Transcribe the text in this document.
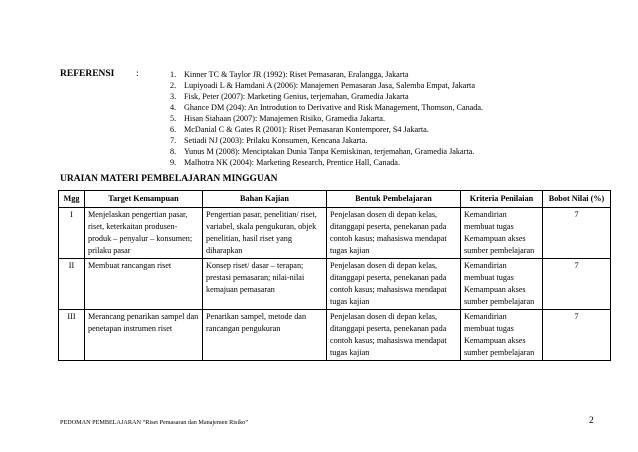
REFERENSI :	1. Kinner TC & Taylor JR (1992): Riset Pemasaran, Eralangga, Jakarta
2. Lupiyoadi L & Hamdani A (2006): Manajemen Pemasaran Jasa, Salemba Empat, Jakarta
3. Fisk, Peter (2007): Marketing Genius, terjemahan, Gramedia Jakarta
4. Ghance DM (204): An Introdution to Derivative and Risk Management, Thomson, Canada.
5. Hisan Siahaan (2007): Manajemen Risiko, Gramedia Jakarta.
6. McDanial C & Gates R (2001): Riset Pemasaran Kontemporer, S4 Jakarta.
7. Setiadi NJ (2003): Prilaku Konsumen, Kencana Jakarta.
8. Yunus M (2008): Menciptakan Dunia Tanpa Kemiskinan, terjemahan, Gramedia Jakarta.
9. Malhotra NK (2004): Marketing Research, Prentice Hall, Canada.
URAIAN MATERI PEMBELAJARAN MINGGUAN
Mgg	Target Kemampuan	Bahan Kajian	Bentuk Pembelajaran	Kriteria Penilaian	Bobot Nilai (%)
I	Menjelaskan pengertian pasar, riset, keterkaitan produsen-produk – penyalur – konsumen; prilaku pasar	Pengertian pasar, penelitian/ riset, variabel, skala pengukuran, objek penelitian, hasil riset yang diharapkan	Penjelasan dosen di depan kelas, ditanggapi peserta, penekanan pada contoh kasus; mahasiswa mendapat tugas kajian	Kemandirian membuat tugas Kemampuan akses sumber pembelajaran	7
II	Membuat rancangan riset	Konsep riset/ dasar – terapan; prestasi pemasaran; nilai-nilai kemajuan pemasaran	Penjelasan dosen di depan kelas, ditanggapi peserta, penekanan pada contoh kasus; mahasiswa mendapat tugas kajian	Kemandirian membuat tugas Kemampuan akses sumber pembelajaran	7
III	Merancang penarikan sampel dan penetapan instrumen riset	Penarikan sampel, metode dan rancangan pengukuran	Penjelasan dosen di depan kelas, ditanggapi peserta, penekanan pada contoh kasus; mahasiswa mendapat tugas kajian	Kemandirian membuat tugas Kemampuan akses sumber pembelajaran	7
PEDOMAN PEMBELAJARAN “Riset Pemasaran dan Manajemen Risiko”	2
